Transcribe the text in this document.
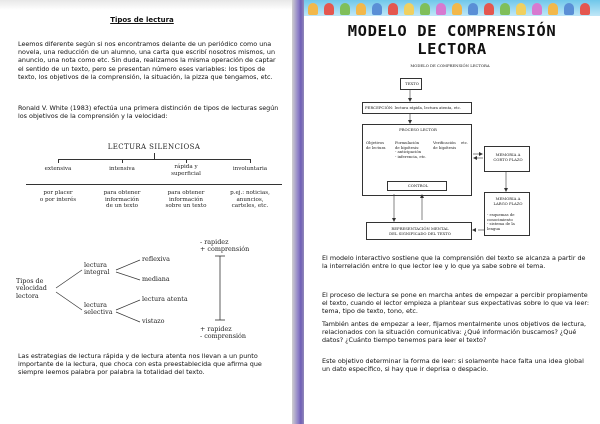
Tipos de lectura
Leemos diferente según si nos encontramos delante de un periódico como una novela, una reducción de un alumno, una carta que escribí nosotros mismos, un anuncio, una nota como etc. Sin duda, realizamos la misma operación de captar el sentido de un texto, pero se presentan número eses variables: los tipos de texto, los objetivos de la comprensión, la situación, la pizza que tengamos, etc.
Ronald V. White (1983) efectúa una primera distinción de tipos de lecturas según los objetivos de la comprensión y la velocidad:
LECTURA SILENCIOSA
extensiva	intensiva	rápida y
superficial
involuntaria
por placer
o por interés
para obtener
información
de un texto
para obtener
información
sobre un texto
p.ej.: noticias,
anuncios,
carteles, etc.
Tipos de
velocidad
lectora
lectura
integral
lectura
selectiva
reflexiva
mediana
lectura atenta
vistazo
- rapidez
+ comprensión
+ rapidez
- comprensión
Las estrategias de lectura rápida y de lectura atenta nos llevan a un punto importante de la lectura, que choca con esta preestablecida que afirma que siempre leemos palabra por palabra la totalidad del texto.
MODELO DE COMPRENSIÓN
LECTORA
MODELO DE COMPRENSIÓN LECTORA
TEXTO
PERCEPCIÓN: lectura rápida, lectura atenta, etc.
PROCESO LECTOR
Objetivos
de lectura
Formulación
de hipótesis:
- anticipación
- inferencia, etc.
Verificación
de hipótesis
etc.
CONTROL
MEMORIA A
CORTO PLAZO
MEMORIA A
LARGO PLAZO
- esquemas de conocimiento
- sistema de la lengua
REPRESENTACIÓN MENTAL
DEL SIGNIFICADO DEL TEXTO
El modelo interactivo sostiene que la comprensión del texto se alcanza a partir de la interrelación entre lo que lector lee y lo que ya sabe sobre el tema.
El proceso de lectura se pone en marcha antes de empezar a percibir propiamente el texto, cuando el lector empieza a plantear sus expectativas sobre lo que va leer: tema, tipo de texto, tono, etc.
También antes de empezar a leer, fijamos mentalmente unos objetivos de lectura, relacionados con la situación comunicativa: ¿Qué información buscamos? ¿Qué datos? ¿Cuánto tiempo tenemos para leer el texto?
Este objetivo determinar la forma de leer: si solamente hace falta una idea global un dato específico, si hay que ir deprisa o despacio.
